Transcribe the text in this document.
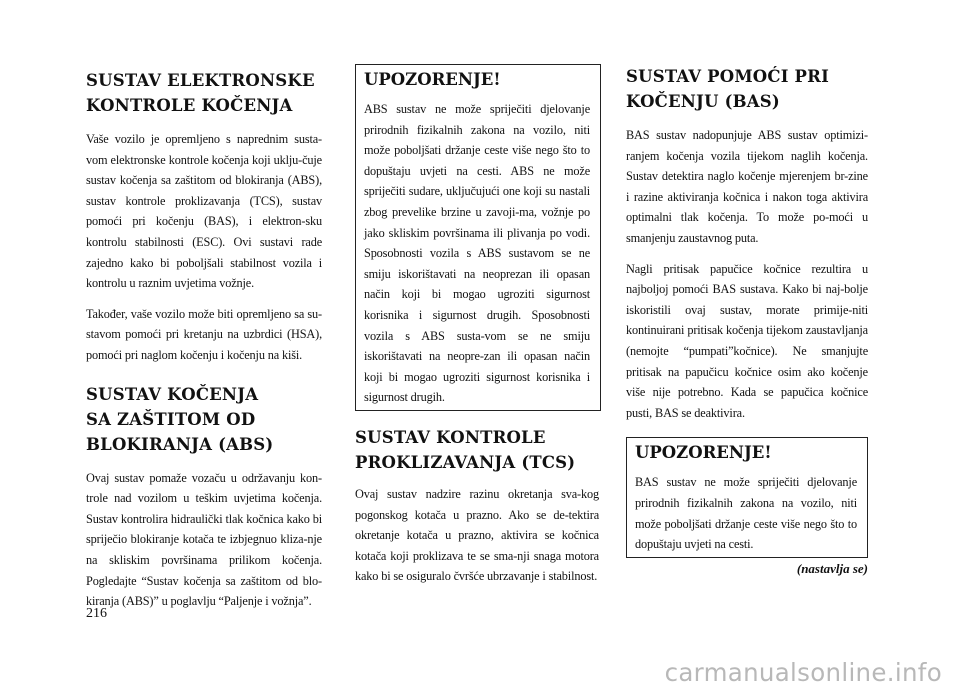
SUSTAV ELEKTRONSKE
KONTROLE KOČENJA

Vaše vozilo je opremljeno s naprednim susta-vom elektronske kontrole kočenja koji uklju-čuje sustav kočenja sa zaštitom od blokiranja (ABS), sustav kontrole proklizavanja (TCS), sustav pomoći pri kočenju (BAS), i elektron-sku kontrolu stabilnosti (ESC). Ovi sustavi rade zajedno kako bi poboljšali stabilnost vozila i kontrolu u raznim uvjetima vožnje.

Također, vaše vozilo može biti opremljeno sa su-stavom pomoći pri kretanju na uzbrdici (HSA), pomoći pri naglom kočenju i kočenju na kiši.

SUSTAV KOČENJA
SA ZAŠTITOM OD
BLOKIRANJA (ABS)

Ovaj sustav pomaže vozaču u održavanju kon-trole nad vozilom u teškim uvjetima kočenja. Sustav kontrolira hidraulički tlak kočnica kako bi spriječio blokiranje kotača te izbjegnuo kliza-nje na skliskim površinama prilikom kočenja. Pogledajte “Sustav kočenja sa zaštitom od blo-kiranja (ABS)” u poglavlju “Paljenje i vožnja”.

UPOZORENJE!

ABS sustav ne može spriječiti djelovanje prirodnih fizikalnih zakona na vozilo, niti može poboljšati držanje ceste više nego što to dopuštaju uvjeti na cesti. ABS ne može spriječiti sudare, uključujući one koji su nastali zbog prevelike brzine u zavoji-ma, vožnje po jako skliskim površinama ili plivanja po vodi. Sposobnosti vozila s ABS sustavom se ne smiju iskorištavati na neoprezan ili opasan način koji bi mogao ugroziti sigurnost korisnika i sigurnost drugih. Sposobnosti vozila s ABS susta-vom se ne smiju iskorištavati na neopre-zan ili opasan način koji bi mogao ugroziti sigurnost korisnika i sigurnost drugih.

SUSTAV KONTROLE
PROKLIZAVANJA (TCS)

Ovaj sustav nadzire razinu okretanja sva-kog pogonskog kotača u prazno. Ako se de-tektira okretanje kotača u prazno, aktivira se kočnica kotača koji proklizava te se sma-nji snaga motora kako bi se osiguralo čvršće ubrzavanje i stabilnost.

SUSTAV POMOĆI PRI
KOČENJU (BAS)

BAS sustav nadopunjuje ABS sustav optimizi-ranjem kočenja vozila tijekom naglih kočenja. Sustav detektira naglo kočenje mjerenjem br-zine i razine aktiviranja kočnica i nakon toga aktivira optimalni tlak kočenja. To može po-moći u smanjenju zaustavnog puta.

Nagli pritisak papučice kočnice rezultira u najboljoj pomoći BAS sustava. Kako bi naj-bolje iskoristili ovaj sustav, morate primije-niti kontinuirani pritisak kočenja tijekom zaustavljanja (nemojte “pumpati”kočnice). Ne smanjujte pritisak na papučicu kočnice osim ako kočenje više nije potrebno. Kada se papučica kočnice pusti, BAS se deaktivira.

UPOZORENJE!

BAS sustav ne može spriječiti djelovanje prirodnih fizikalnih zakona na vozilo, niti može poboljšati držanje ceste više nego što to dopuštaju uvjeti na cesti.

(nastavlja se)
216
carmanualsonline.info
